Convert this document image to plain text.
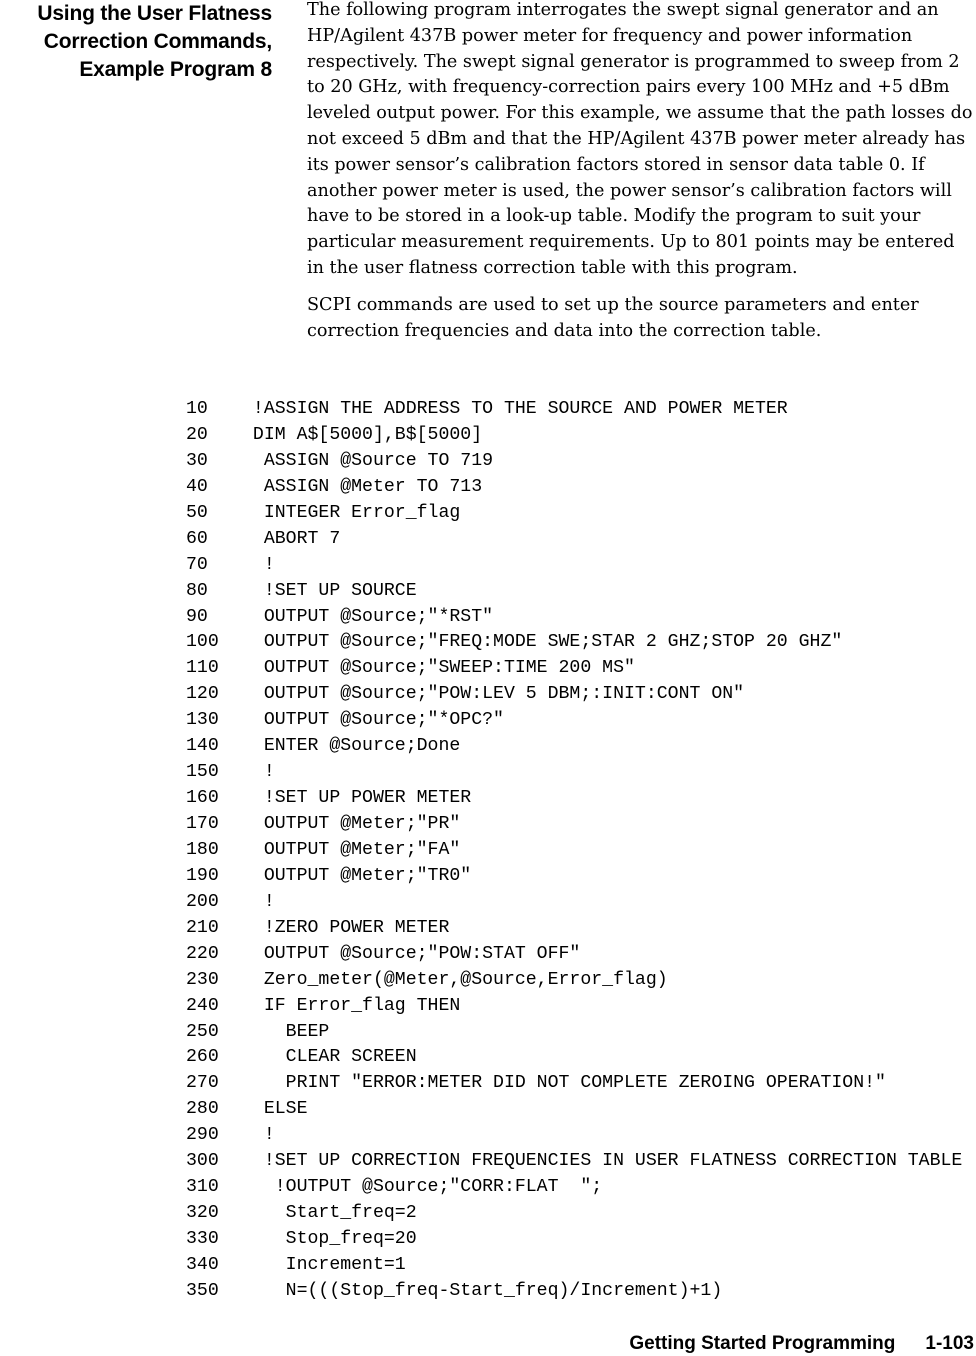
Using the User Flatness
Correction Commands,
Example Program 8

The following program interrogates the swept signal generator and an HP/Agilent 437B power meter for frequency and power information respectively. The swept signal generator is programmed to sweep from 2 to 20 GHz, with frequency-correction pairs every 100 MHz and +5 dBm leveled output power. For this example, we assume that the path losses do not exceed 5 dBm and that the HP/Agilent 437B power meter already has its power sensor’s calibration factors stored in sensor data table 0. If another power meter is used, the power sensor’s calibration factors will have to be stored in a look-up table. Modify the program to suit your particular measurement requirements. Up to 801 points may be entered in the user flatness correction table with this program.

SCPI commands are used to set up the source parameters and enter correction frequencies and data into the correction table.

10 !ASSIGN THE ADDRESS TO THE SOURCE AND POWER METER
20 DIM A$[5000],B$[5000]
30  ASSIGN @Source TO 719
40  ASSIGN @Meter TO 713
50  INTEGER Error_flag
60  ABORT 7
70  !
80  !SET UP SOURCE
90  OUTPUT @Source;"*RST"
100  OUTPUT @Source;"FREQ:MODE SWE;STAR 2 GHZ;STOP 20 GHZ"
110  OUTPUT @Source;"SWEEP:TIME 200 MS"
120  OUTPUT @Source;"POW:LEV 5 DBM;:INIT:CONT ON"
130  OUTPUT @Source;"*OPC?"
140  ENTER @Source;Done
150  !
160  !SET UP POWER METER
170  OUTPUT @Meter;"PR"
180  OUTPUT @Meter;"FA"
190  OUTPUT @Meter;"TR0"
200  !
210  !ZERO POWER METER
220  OUTPUT @Source;"POW:STAT OFF"
230  Zero_meter(@Meter,@Source,Error_flag)
240  IF Error_flag THEN
250    BEEP
260    CLEAR SCREEN
270    PRINT "ERROR:METER DID NOT COMPLETE ZEROING OPERATION!"
280  ELSE
290  !
300  !SET UP CORRECTION FREQUENCIES IN USER FLATNESS CORRECTION TABLE
310   !OUTPUT @Source;"CORR:FLAT  ";
320    Start_freq=2
330    Stop_freq=20
340    Increment=1
350    N=(((Stop_freq-Start_freq)/Increment)+1)
Getting Started Programming 1-103
